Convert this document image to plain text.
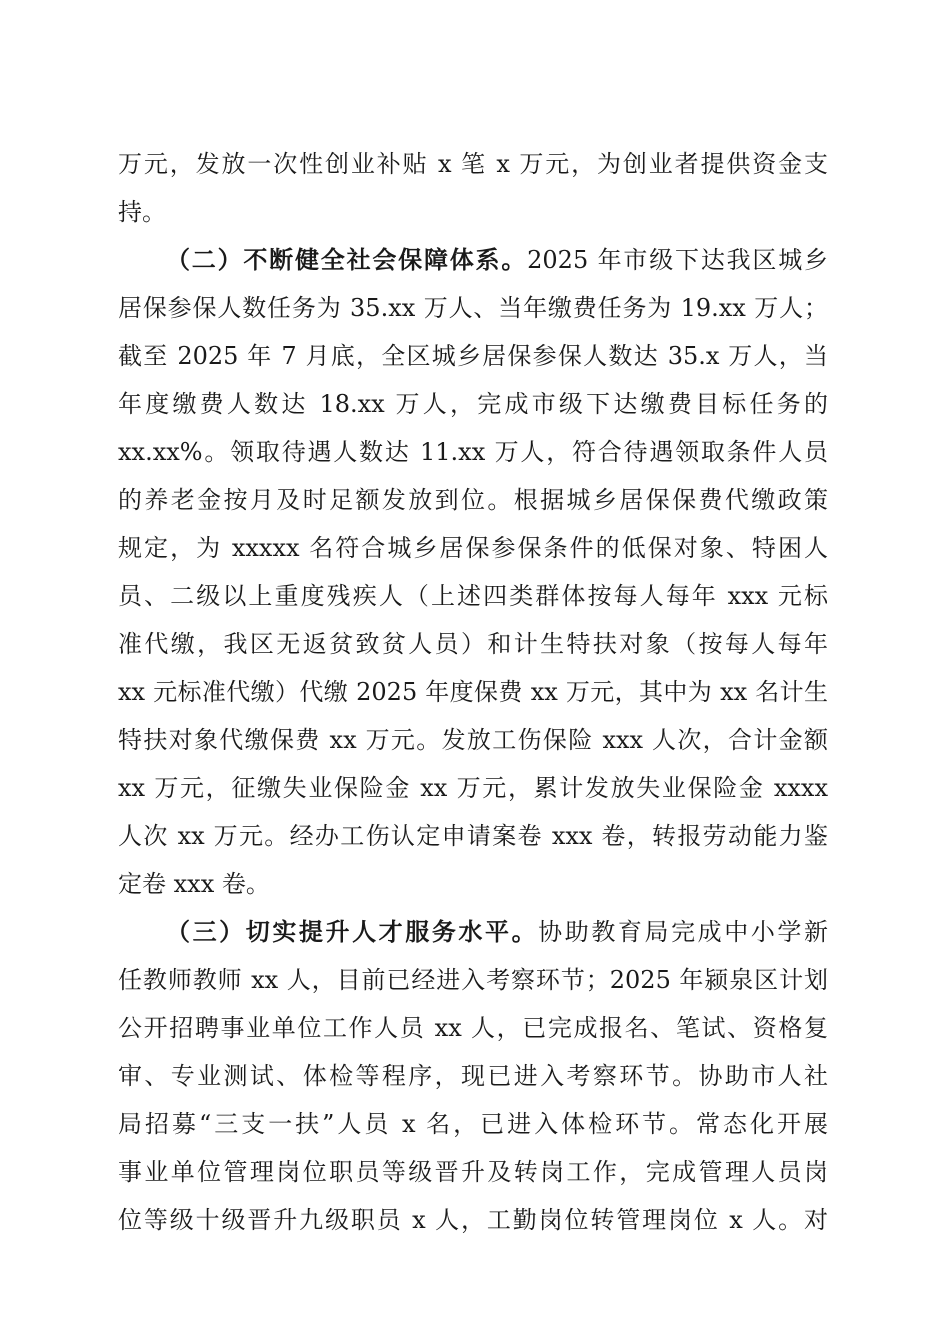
万元，发放一次性创业补贴 x 笔 x 万元，为创业者提供资金支
持。
（二）不断健全社会保障体系。2025 年市级下达我区城乡
居保参保人数任务为 35.xx 万人、当年缴费任务为 19.xx 万人；
截至 2025 年 7 月底，全区城乡居保参保人数达 35.x 万人，当
年度缴费人数达 18.xx 万人，完成市级下达缴费目标任务的
xx.xx%。领取待遇人数达 11.xx 万人，符合待遇领取条件人员
的养老金按月及时足额发放到位。根据城乡居保保费代缴政策
规定，为 xxxxx 名符合城乡居保参保条件的低保对象、特困人
员、二级以上重度残疾人（上述四类群体按每人每年 xxx 元标
准代缴，我区无返贫致贫人员）和计生特扶对象（按每人每年
xx 元标准代缴）代缴 2025 年度保费 xx 万元，其中为 xx 名计生
特扶对象代缴保费 xx 万元。发放工伤保险 xxx 人次，合计金额
xx 万元，征缴失业保险金 xx 万元，累计发放失业保险金 xxxx
人次 xx 万元。经办工伤认定申请案卷 xxx 卷，转报劳动能力鉴
定卷 xxx 卷。
（三）切实提升人才服务水平。协助教育局完成中小学新
任教师教师 xx 人，目前已经进入考察环节；2025 年颍泉区计划
公开招聘事业单位工作人员 xx 人，已完成报名、笔试、资格复
审、专业测试、体检等程序，现已进入考察环节。协助市人社
局招募“三支一扶”人员 x 名，已进入体检环节。常态化开展
事业单位管理岗位职员等级晋升及转岗工作，完成管理人员岗
位等级十级晋升九级职员 x 人，工勤岗位转管理岗位 x 人。对
